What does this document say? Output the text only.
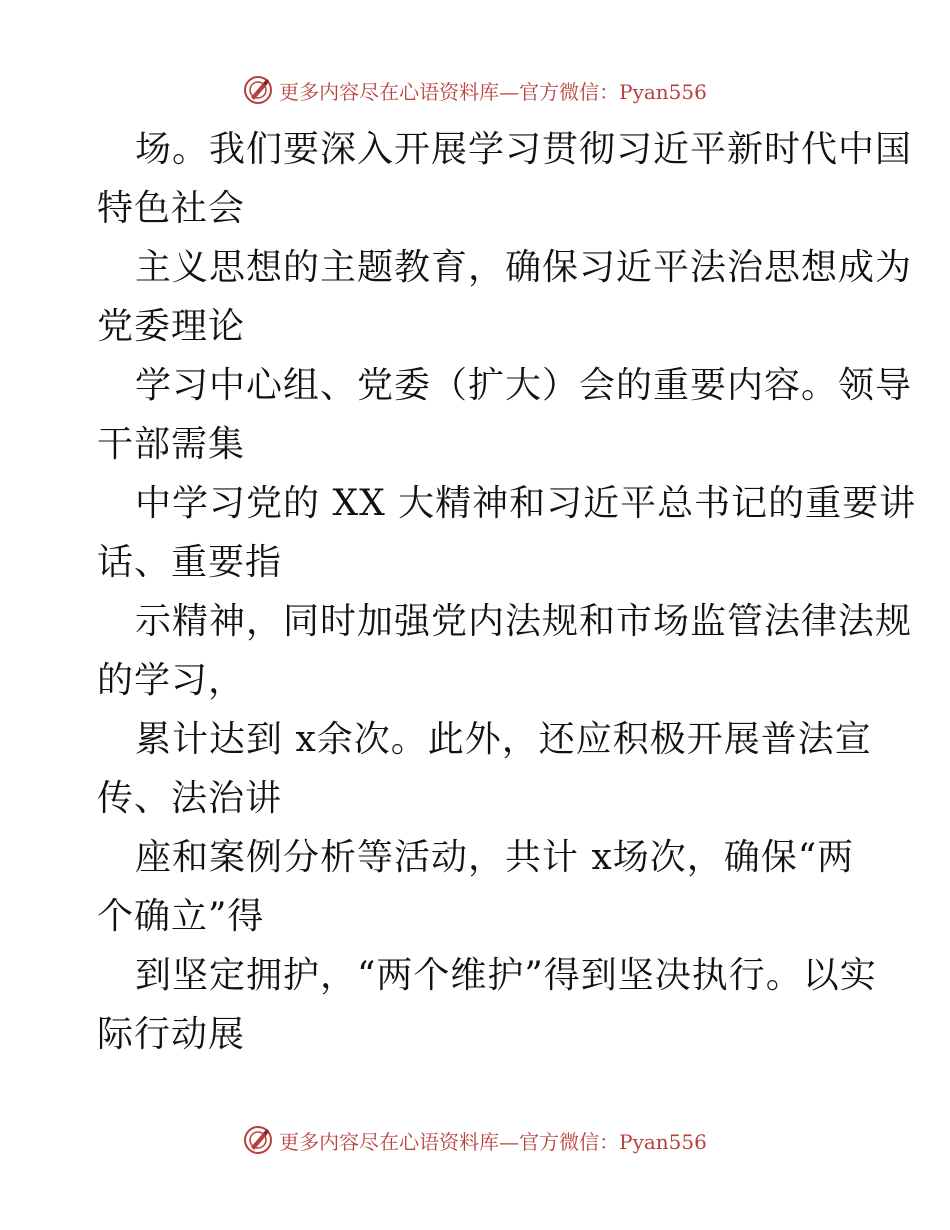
更多内容尽在心语资料库—官方微信：Pyan556
场。我们要深入开展学习贯彻习近平新时代中国
特色社会
主义思想的主题教育，确保习近平法治思想成为
党委理论
学习中心组、党委（扩大）会的重要内容。领导
干部需集
中学习党的 XX 大精神和习近平总书记的重要讲
话、重要指
示精神，同时加强党内法规和市场监管法律法规
的学习，
累计达到 x余次。此外，还应积极开展普法宣
传、法治讲
座和案例分析等活动，共计 x场次，确保“两
个确立”得
到坚定拥护，“两个维护”得到坚决执行。以实
际行动展
更多内容尽在心语资料库—官方微信：Pyan556
